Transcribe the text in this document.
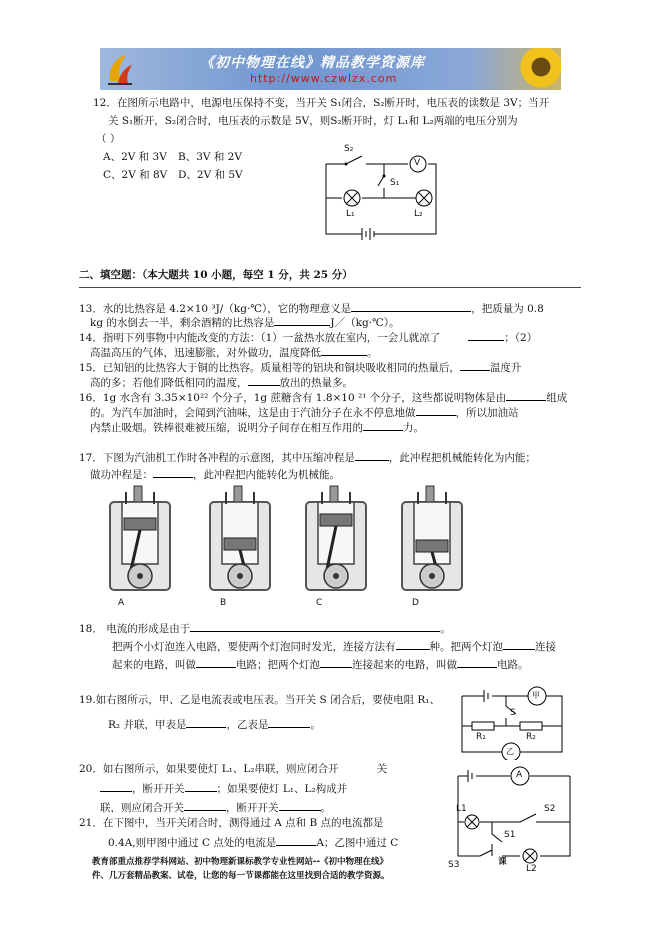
《初中物理在线》精品教学资源库
http://www.czwlzx.com
12．在图所示电路中，电源电压保持不变，当开关 S₁闭合，S₂断开时，电压表的读数是 3V；当开
关 S₁断开，S₂闭合时，电压表的示数是 5V，则S₂断开时，灯 L₁和 L₂两端的电压分别为
（ ）
A、2V 和 3V B、3V 和 2V
C、2V 和 8V D、2V 和 5V
S₂
V
S₁
L₁	L₂
二、填空题：（本大题共 10 小题，每空 1 分，共 25 分）
13．水的比热容是 4.2×10 ³J/（kg·℃），它的物理意义是	，把质量为 0.8
kg 的水倒去一半，剩余酒精的比热容是	J／（kg·℃）。
14．指明下列事物中内能改变的方法：（1）一盆热水放在室内，一会儿就凉了	；（2）
高温高压的气体，迅速膨胀，对外做功，温度降低	。
15．已知铝的比热容大于铜的比热容。质量相等的铝块和铜块吸收相同的热量后，	温度升
高的多；若他们降低相同的温度，	放出的热量多。
16．1g 水含有 3.35×10²² 个分子，1g 蔗糖含有 1.8×10 ²¹ 个分子，这些都说明物体是由	组成
的。为汽车加油时，会闻到汽油味，这是由于汽油分子在永不停息地做	，所以加油站
内禁止吸烟。铁棒很难被压缩，说明分子间存在相互作用的	力。
17．下图为汽油机工作时各冲程的示意图，其中压缩冲程是	，此冲程把机械能转化为内能；
做功冲程是：	，此冲程把内能转化为机械能。
A	B	C	D
18． 电流的形成是由于	。
把两个小灯泡连入电路，要使两个灯泡同时发光，连接方法有	种。把两个灯泡	连接
起来的电路，叫做	电路；把两个灯泡	连接起来的电路，叫做	电路。
19.如右图所示，甲、乙是电流表或电压表。当开关 S 闭合后，要使电阻 R₁、
R₂ 并联，甲表是	，乙表是	。
甲
乙
S
R₁	R₂
20．如右图所示，如果要使灯 L₁、L₂串联，则应闭合开	关
，断开开关	；如果要使灯 L₁、L₂构成并
联，则应闭合开关	，断开开关	。
A
L1	S2
S1
S3	L2
21．在下图中，当开关闭合时，测得通过 A 点和 B 点的电流都是
0.4A,则甲图中通过 C 点处的电流是	A；乙图中通过 C
教育部重点推荐学科网站、初中物理新课标教学专业性网站--《初中物理在线》	课
件、几万套精品教案、试卷，让您的每一节课都能在这里找到合适的教学资源。
